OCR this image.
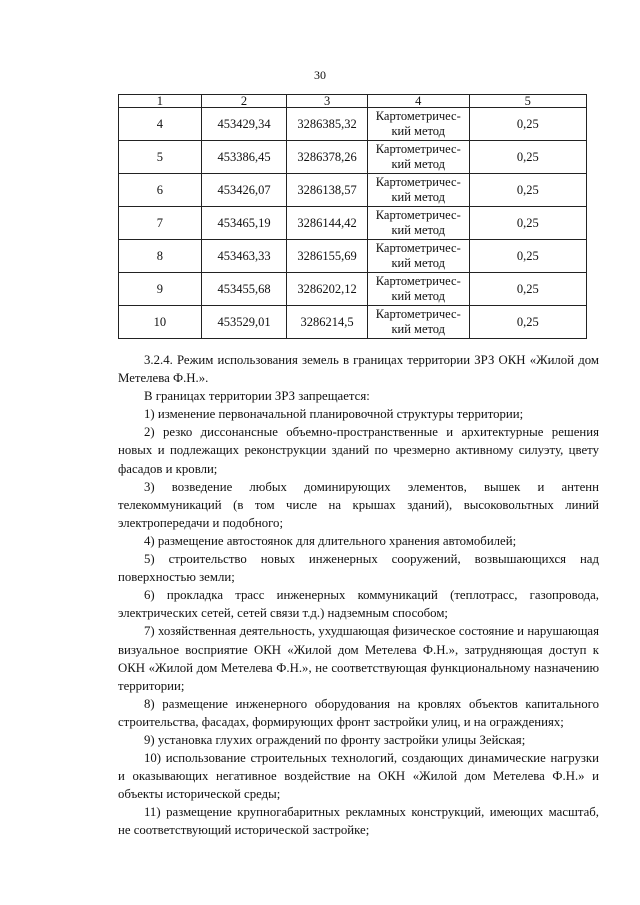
30
1	2	3	4	5
4	453429,34	3286385,32	Картометричес-
кий метод	0,25
5	453386,45	3286378,26	Картометричес-
кий метод	0,25
6	453426,07	3286138,57	Картометричес-
кий метод	0,25
7	453465,19	3286144,42	Картометричес-
кий метод	0,25
8	453463,33	3286155,69	Картометричес-
кий метод	0,25
9	453455,68	3286202,12	Картометричес-
кий метод	0,25
10	453529,01	3286214,5	Картометричес-
кий метод	0,25

3.2.4. Режим использования земель в границах территории ЗРЗ ОКН «Жилой дом Метелева Ф.Н.».

В границах территории ЗРЗ запрещается:

1) изменение первоначальной планировочной структуры территории;

2) резко диссонансные объемно-пространственные и архитектурные решения новых и подлежащих реконструкции зданий по чрезмерно активному силуэту, цвету фасадов и кровли;

3) возведение любых доминирующих элементов, вышек и антенн телекоммуникаций (в том числе на крышах зданий), высоковольтных линий электропередачи и подобного;

4) размещение автостоянок для длительного хранения автомобилей;

5) строительство новых инженерных сооружений, возвышающихся над поверхностью земли;

6) прокладка трасс инженерных коммуникаций (теплотрасс, газопровода, электрических сетей, сетей связи т.д.) надземным способом;

7) хозяйственная деятельность, ухудшающая физическое состояние и нарушающая визуальное восприятие ОКН «Жилой дом Метелева Ф.Н.», затрудняющая доступ к ОКН «Жилой дом Метелева Ф.Н.», не соответствующая функциональному назначению территории;

8) размещение инженерного оборудования на кровлях объектов капитального строительства, фасадах, формирующих фронт застройки улиц, и на ограждениях;

9) установка глухих ограждений по фронту застройки улицы Зейская;

10) использование строительных технологий, создающих динамические нагрузки и оказывающих негативное воздействие на ОКН «Жилой дом Метелева Ф.Н.» и объекты исторической среды;

11) размещение крупногабаритных рекламных конструкций, имеющих масштаб, не соответствующий исторической застройке;
